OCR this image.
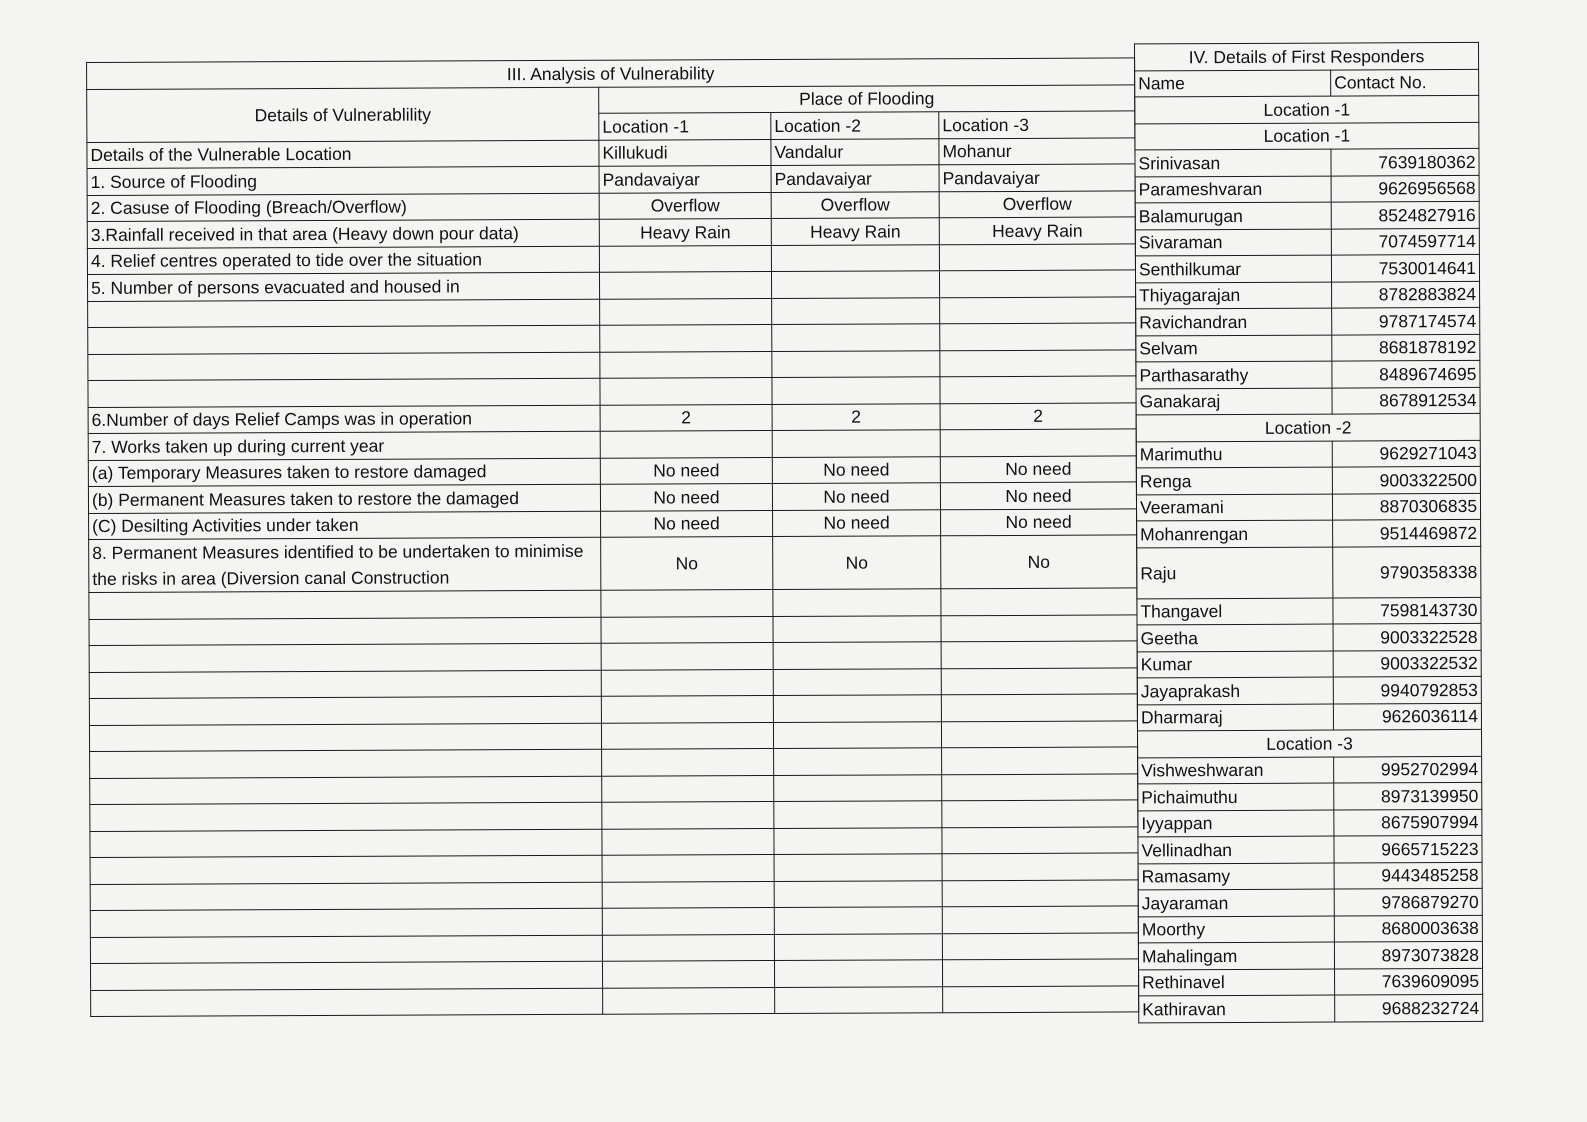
III. Analysis of Vulnerability			
Details of Vulnerablility	Place of Flooding		
	Location -1	Location -2	Location -3
Details of the Vulnerable Location	Killukudi	Vandalur	Mohanur
1. Source of Flooding	Pandavaiyar	Pandavaiyar	Pandavaiyar
2. Casuse of Flooding (Breach/Overflow)	Overflow	Overflow	Overflow
3.Rainfall received in that area (Heavy down pour data)	Heavy Rain	Heavy Rain	Heavy Rain
4. Relief centres operated to tide over the situation			
5. Number of persons evacuated and housed in			

6.Number of days Relief Camps was in operation	2	2	2
7. Works taken up during current year			
(a) Temporary Measures taken to restore damaged	No need	No need	No need
(b) Permanent Measures taken to restore the damaged	No need	No need	No need
(C) Desilting Activities under taken	No need	No need	No need
8. Permanent Measures identified to be undertaken to minimise the risks in area (Diversion canal Construction	No	No	No

IV. Details of First Responders	
Name	Contact No.
Location -1	
Location -1	
Srinivasan	7639180362
Parameshvaran	9626956568
Balamurugan	8524827916
Sivaraman	7074597714
Senthilkumar	7530014641
Thiyagarajan	8782883824
Ravichandran	9787174574
Selvam	8681878192
Parthasarathy	8489674695
Ganakaraj	8678912534
Location -2	
Marimuthu	9629271043
Renga	9003322500
Veeramani	8870306835
Mohanrengan	9514469872
Raju	9790358338
Thangavel	7598143730
Geetha	9003322528
Kumar	9003322532
Jayaprakash	9940792853
Dharmaraj	9626036114
Location -3	
Vishweshwaran	9952702994
Pichaimuthu	8973139950
Iyyappan	8675907994
Vellinadhan	9665715223
Ramasamy	9443485258
Jayaraman	9786879270
Moorthy	8680003638
Mahalingam	8973073828
Rethinavel	7639609095
Kathiravan	9688232724
